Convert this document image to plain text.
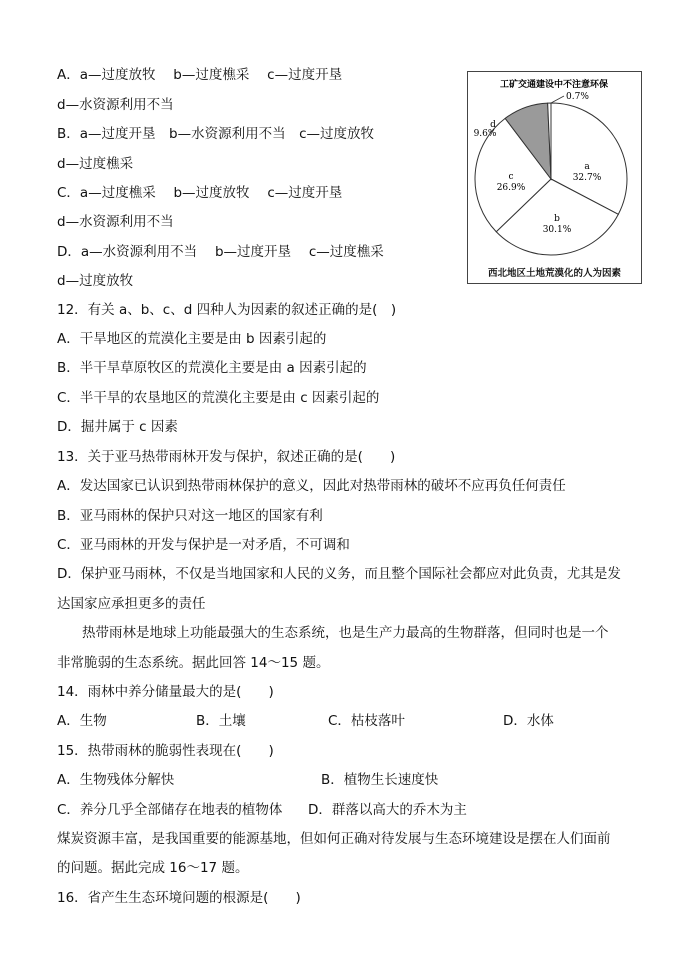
A．a—过度放牧　 b—过度樵采　 c—过度开垦
d—水资源利用不当
B．a—过度开垦　b—水资源利用不当　c—过度放牧
d—过度樵采
C．a—过度樵采　 b—过度放牧　 c—过度开垦
d—水资源利用不当
D．a—水资源利用不当　 b—过度开垦　 c—过度樵采
d—过度放牧
工矿交通建设中不注意环保
0.7%
a
32.7%
b
30.1%
c
26.9%
d
9.6%
西北地区土地荒漠化的人为因素
12．有关 a、b、c、d 四种人为因素的叙述正确的是(　)
A．干旱地区的荒漠化主要是由 b 因素引起的
B．半干旱草原牧区的荒漠化主要是由 a 因素引起的
C．半干旱的农垦地区的荒漠化主要是由 c 因素引起的
D．掘井属于 c 因素
13．关于亚马热带雨林开发与保护，叙述正确的是(　　)
A．发达国家已认识到热带雨林保护的意义，因此对热带雨林的破坏不应再负任何责任
B．亚马雨林的保护只对这一地区的国家有利
C．亚马雨林的开发与保护是一对矛盾，不可调和
D．保护亚马雨林，不仅是当地国家和人民的义务，而且整个国际社会都应对此负责，尤其是发
达国家应承担更多的责任
热带雨林是地球上功能最强大的生态系统，也是生产力最高的生物群落，但同时也是一个
非常脆弱的生态系统。据此回答 14～15 题。
14．雨林中养分储量最大的是(　　)
A．生物	B．土壤	C．枯枝落叶	D．水体
15．热带雨林的脆弱性表现在(　　)
A．生物残体分解快	B．植物生长速度快
C．养分几乎全部储存在地表的植物体 D．群落以高大的乔木为主
煤炭资源丰富，是我国重要的能源基地，但如何正确对待发展与生态环境建设是摆在人们面前
的问题。据此完成 16～17 题。
16．省产生生态环境问题的根源是(　　)
